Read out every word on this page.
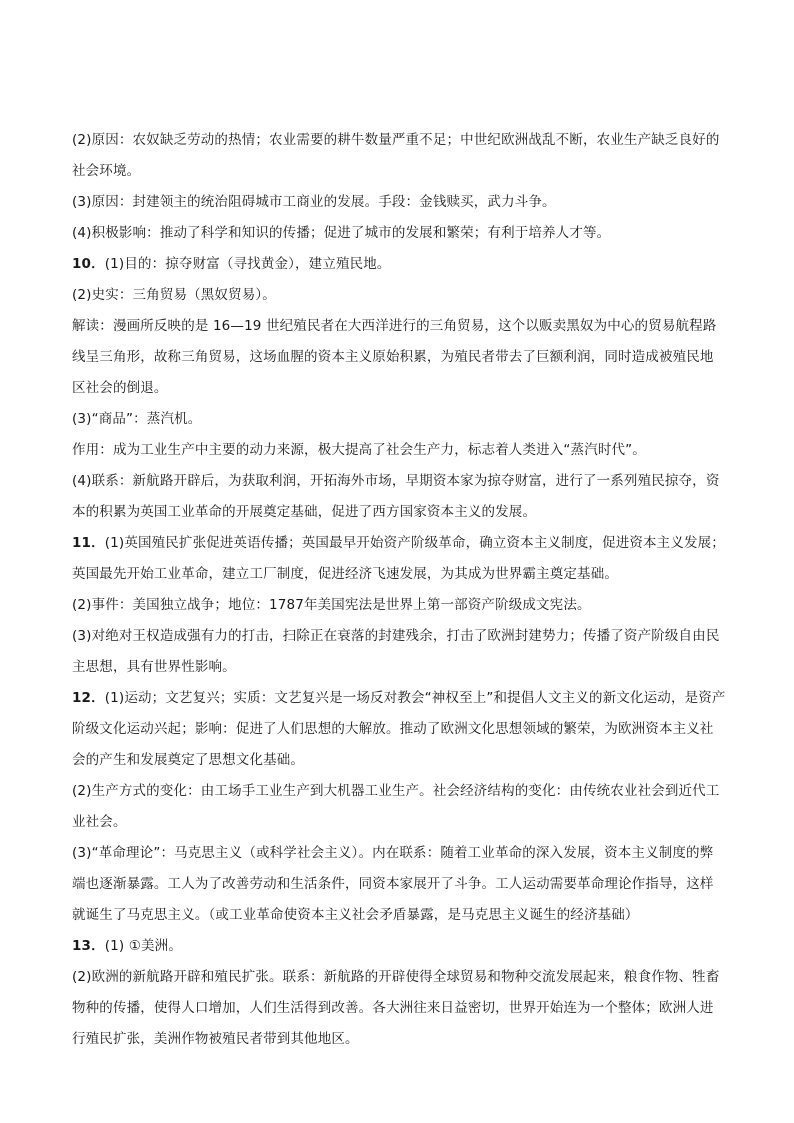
(2)原因：农奴缺乏劳动的热情；农业需要的耕牛数量严重不足；中世纪欧洲战乱不断，农业生产缺乏良好的社会环境。

(3)原因：封建领主的统治阻碍城市工商业的发展。手段：金钱赎买，武力斗争。

(4)积极影响：推动了科学和知识的传播；促进了城市的发展和繁荣；有利于培养人才等。

10．(1)目的：掠夺财富（寻找黄金），建立殖民地。

(2)史实：三角贸易（黑奴贸易）。

解读：漫画所反映的是 16—19 世纪殖民者在大西洋进行的三角贸易，这个以贩卖黑奴为中心的贸易航程路线呈三角形，故称三角贸易，这场血腥的资本主义原始积累，为殖民者带去了巨额利润，同时造成被殖民地区社会的倒退。

(3)“商品”：蒸汽机。

作用：成为工业生产中主要的动力来源，极大提高了社会生产力，标志着人类进入“蒸汽时代”。

(4)联系：新航路开辟后，为获取利润，开拓海外市场，早期资本家为掠夺财富，进行了一系列殖民掠夺，资本的积累为英国工业革命的开展奠定基础，促进了西方国家资本主义的发展。

11．(1)英国殖民扩张促进英语传播；英国最早开始资产阶级革命，确立资本主义制度，促进资本主义发展；英国最先开始工业革命，建立工厂制度，促进经济飞速发展，为其成为世界霸主奠定基础。

(2)事件：美国独立战争；地位：1787年美国宪法是世界上第一部资产阶级成文宪法。

(3)对绝对王权造成强有力的打击，扫除正在衰落的封建残余，打击了欧洲封建势力；传播了资产阶级自由民主思想，具有世界性影响。

12．(1)运动；文艺复兴；实质：文艺复兴是一场反对教会“神权至上”和提倡人文主义的新文化运动，是资产阶级文化运动兴起；影响：促进了人们思想的大解放。推动了欧洲文化思想领域的繁荣，为欧洲资本主义社会的产生和发展奠定了思想文化基础。

(2)生产方式的变化：由工场手工业生产到大机器工业生产。社会经济结构的变化：由传统农业社会到近代工业社会。

(3)“革命理论”：马克思主义（或科学社会主义）。内在联系：随着工业革命的深入发展，资本主义制度的弊端也逐渐暴露。工人为了改善劳动和生活条件，同资本家展开了斗争。工人运动需要革命理论作指导，这样就诞生了马克思主义。（或工业革命使资本主义社会矛盾暴露，是马克思主义诞生的经济基础）

13．(1) ①美洲。

(2)欧洲的新航路开辟和殖民扩张。联系：新航路的开辟使得全球贸易和物种交流发展起来，粮食作物、牲畜物种的传播，使得人口增加，人们生活得到改善。各大洲往来日益密切，世界开始连为一个整体；欧洲人进行殖民扩张，美洲作物被殖民者带到其他地区。
